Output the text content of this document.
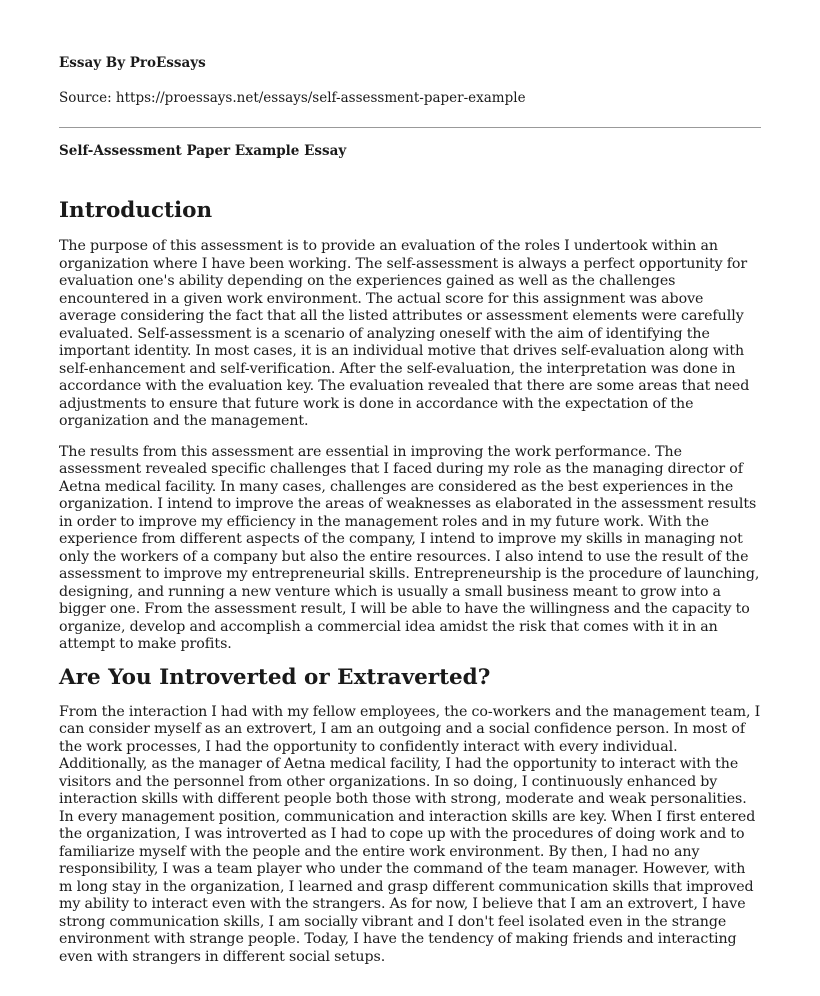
Essay By ProEssays

Source: https://proessays.net/essays/self-assessment-paper-example

Self-Assessment Paper Example Essay

Introduction

The purpose of this assessment is to provide an evaluation of the roles I undertook within an organization where I have been working. The self-assessment is always a perfect opportunity for evaluation one's ability depending on the experiences gained as well as the challenges encountered in a given work environment. The actual score for this assignment was above average considering the fact that all the listed attributes or assessment elements were carefully evaluated. Self-assessment is a scenario of analyzing oneself with the aim of identifying the important identity. In most cases, it is an individual motive that drives self-evaluation along with self-enhancement and self-verification. After the self-evaluation, the interpretation was done in accordance with the evaluation key. The evaluation revealed that there are some areas that need adjustments to ensure that future work is done in accordance with the expectation of the organization and the management.

The results from this assessment are essential in improving the work performance. The assessment revealed specific challenges that I faced during my role as the managing director of Aetna medical facility. In many cases, challenges are considered as the best experiences in the organization. I intend to improve the areas of weaknesses as elaborated in the assessment results in order to improve my efficiency in the management roles and in my future work. With the experience from different aspects of the company, I intend to improve my skills in managing not only the workers of a company but also the entire resources. I also intend to use the result of the assessment to improve my entrepreneurial skills. Entrepreneurship is the procedure of launching, designing, and running a new venture which is usually a small business meant to grow into a bigger one. From the assessment result, I will be able to have the willingness and the capacity to organize, develop and accomplish a commercial idea amidst the risk that comes with it in an attempt to make profits.

Are You Introverted or Extraverted?

From the interaction I had with my fellow employees, the co-workers and the management team, I can consider myself as an extrovert, I am an outgoing and a social confidence person. In most of the work processes, I had the opportunity to confidently interact with every individual. Additionally, as the manager of Aetna medical facility, I had the opportunity to interact with the visitors and the personnel from other organizations. In so doing, I continuously enhanced by interaction skills with different people both those with strong, moderate and weak personalities. In every management position, communication and interaction skills are key. When I first entered the organization, I was introverted as I had to cope up with the procedures of doing work and to familiarize myself with the people and the entire work environment. By then, I had no any responsibility, I was a team player who under the command of the team manager. However, with m long stay in the organization, I learned and grasp different communication skills that improved my ability to interact even with the strangers. As for now, I believe that I am an extrovert, I have strong communication skills, I am socially vibrant and I don't feel isolated even in the strange environment with strange people. Today, I have the tendency of making friends and interacting even with strangers in different social setups.
